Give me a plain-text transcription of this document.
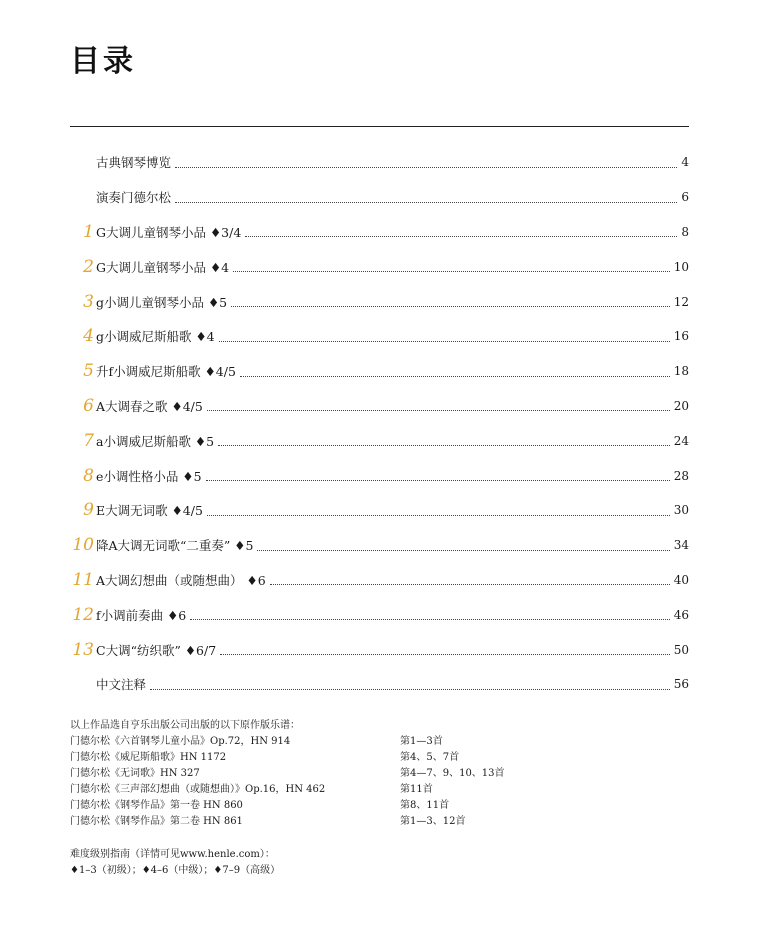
目录
古典钢琴博览	4
演奏门德尔松	6
1 G大调儿童钢琴小品 ♦3/4	8
2 G大调儿童钢琴小品 ♦4	10
3 g小调儿童钢琴小品 ♦5	12
4 g小调威尼斯船歌 ♦4	16
5 升f小调威尼斯船歌 ♦4/5	18
6 A大调春之歌 ♦4/5	20
7 a小调威尼斯船歌 ♦5	24
8 e小调性格小品 ♦5	28
9 E大调无词歌 ♦4/5	30
10 降A大调无词歌“二重奏” ♦5	34
11 A大调幻想曲（或随想曲） ♦6	40
12 f小调前奏曲 ♦6	46
13 C大调“纺织歌” ♦6/7	50
中文注释	56
以上作品选自亨乐出版公司出版的以下原作版乐谱：
门德尔松《六首钢琴儿童小品》Op.72，HN 914	第1—3首
门德尔松《威尼斯船歌》HN 1172	第4、5、7首
门德尔松《无词歌》HN 327	第4—7、9、10、13首
门德尔松《三声部幻想曲（或随想曲）》Op.16，HN 462	第11首
门德尔松《钢琴作品》第一卷 HN 860	第8、11首
门德尔松《钢琴作品》第二卷 HN 861	第1—3、12首
难度级别指南（详情可见www.henle.com）：
♦1–3（初级）；♦4–6（中级）；♦7–9（高级）
